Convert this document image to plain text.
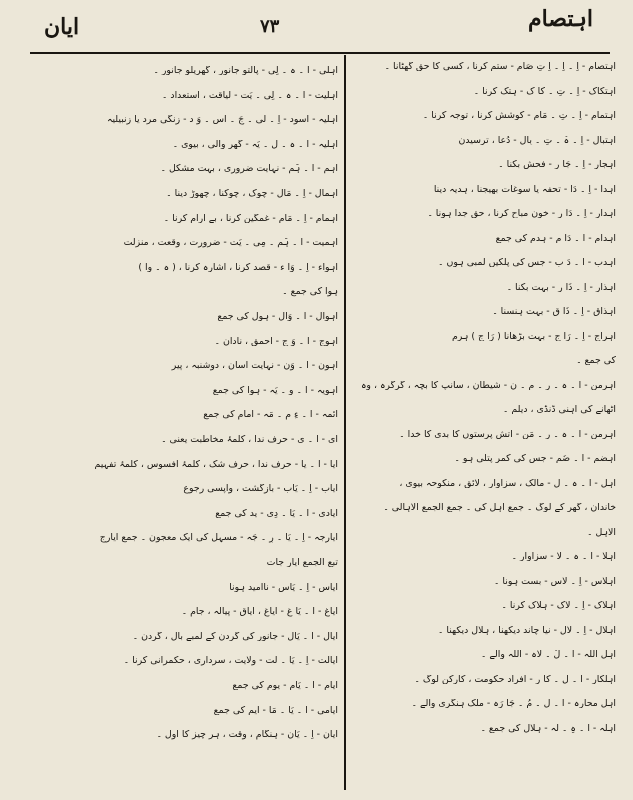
اہتصام
۷۳
ایان
اہتصام - اِ ۔ اِ ۔ اِ تِ صَام - ستم کرنا ، کسی کا حق گھٹانا ۔
اہتکاک - اِ ۔ تِ ۔ کا ک - ہتک کرنا ۔
اہتمام - اِ ۔ تِ ۔ مَام - کوشش کرنا ، توجہ کرنا ۔
اہتبال - اِ ۔ ہْ ۔ تِ ۔ بِال - دُعا ، ترسیدن
اہجار - اِ ۔ جَا ر - فحش بکنا ۔
اہدا - اِ ۔ دَا - تحفہ یا سوغات بھیجنا ، ہدیہ دینا
اہدار - اِ ۔ دَا ر - خون مباح کرنا ، حق جدا ہونا ۔
اہدام - اَ ۔ دَا م - ہدم کی جمع
اہدب - اَ ۔ دَ ب - جس کی پلکیں لمبی ہوں ۔
اہذار - اِ ۔ ذَا ر - بہت بکنا ۔
اہذاق - اِ ۔ ذَا ق - بہت ہنسنا ۔
اہراج - اِ ۔ رَا ج - بہت بڑھانا ( رَا ج ) ہرم
کی جمع ۔
اہرمن - اَ ۔ ہ ۔ رِ ۔ م ۔ ن - شیطان ، سانپ کا بچہ ، گرگرہ ، وہ
اٹھانے کی آہنی ڈنڈی ، دیلم ۔
اہرمن - اَ ۔ ہ ۔ رِ ۔ مَن - آتش پرستوں کا بدی کا خدا ۔
اہضم - اَ ۔ ضَم - جس کی کمر پتلی ہو ۔
اہل - اَ ۔ ہ ۔ ل - مالک ، سزاوار ، لائق ، منکوحہ بیوی ،
خاندان ، گھر کے لوگ ۔ جمع اہل کی ۔ جمع الجمع الاہالی ۔
الاہل ۔
اہلا - اَ ۔ ہ ۔ لا - سزاوار ۔
اہلاس - اِ ۔ لاس - بست ہونا ۔
اہلاک - اِ ۔ لاک - ہلاک کرنا ۔
اہلال - اِ ۔ لال - نیا چاند دیکھنا ، ہلال دیکھنا ۔
اہل اللہ - اَ ۔ لُ ۔ لاہ - اللہ والے ۔
اہلکار - اَ ۔ لِ ۔ کَا ر - افراد حکومت ، کارکن لوگ ۔
اہل محارہ - اَ ۔ لِ ۔ مُ ۔ جَا رَہ - ملک ہنگری والے ۔
اہلہ - اَ ۔ ہِ ۔ لَہ - ہلال کی جمع ۔
اہلی - اَ ۔ ہ ۔ لِی - پالتو جانور ، گھریلو جانور ۔
اہلیت - اَ ۔ ہ ۔ لِی ۔ یَت - لیاقت ، استعداد ۔
اہلیہ - اسود - اِ ۔ لَی ۔ جَ ۔ آس ۔ وَ د - زنگی مرد یا زنبیلیہ
اہلیہ - اَ ۔ ہ ۔ لِ ۔ یَہ - گھر والی ، بیوی ۔
اہم - اَ ۔ ہَم - نہایت ضروری ، بہت مشکل ۔
اہمال - اِ ۔ مَال - چوک ، چوکنا ، چھوڑ دینا ۔
اہمام - اِ ۔ مَام - غمگین کرنا ، بے آرام کرنا ۔
اہمیت - اَ ۔ ہَم ۔ مِی ۔ یَت - ضرورت ، وقعت ، منزلت
اہواء - اِ ۔ وَا ء - قصد کرنا ، اشارہ کرنا ، ( ہ ۔ وا )
ہوا کی جمع ۔
اہوال - اَ ۔ وَال - ہول کی جمع
اہوج - اَ ۔ وَ ج - احمق ، نادان ۔
اہون - اَ ۔ وَن - نہایت آسان ، دوشنبہ ، پیر
اہویہ - اَ ۔ وِ ۔ یَہ - ہوا کی جمع
ائمہ - اَ ۔ ءِ م ۔ مَہ - امام کی جمع
ای - اَ ۔ ی - حرف ندا ، کلمۂ مخاطبت یعنی ۔
ایا - اَ ۔ یا - حرف ندا ، حرف شک ، کلمۂ افسوس ، کلمۂ تفہیم
ایاب - اِ ۔ یَاب - بازگشت ، واپسی رجوع
ایادی - اَ ۔ یَا ۔ دِی - ید کی جمع
ایارجہ - اِ ۔ یَا ۔ رِ ۔ جَہ - مسہل کی ایک معجون ۔ جمع ایارج
تبع الجمع ایار جات
ایاس - اِ ۔ یَاس - ناامید ہونا
ایاغ - اَ ۔ یَا غ - ایاغ ، ایاق - پیالہ ، جام ۔
ایال - اَ ۔ یَال - جانور کی گردن کے لمبے بال ، گردن ۔
ایالت - اِ ۔ یَا ۔ لَت - ولایت ، سرداری ، حکمرانی کرنا ۔
ایام - اَ ۔ یَام - یوم کی جمع
ایامی - اَ ۔ یَا ۔ مَا - ایم کی جمع
ایان - اِ ۔ یَان - ہنگام ، وقت ، ہر چیز کا اول ۔
